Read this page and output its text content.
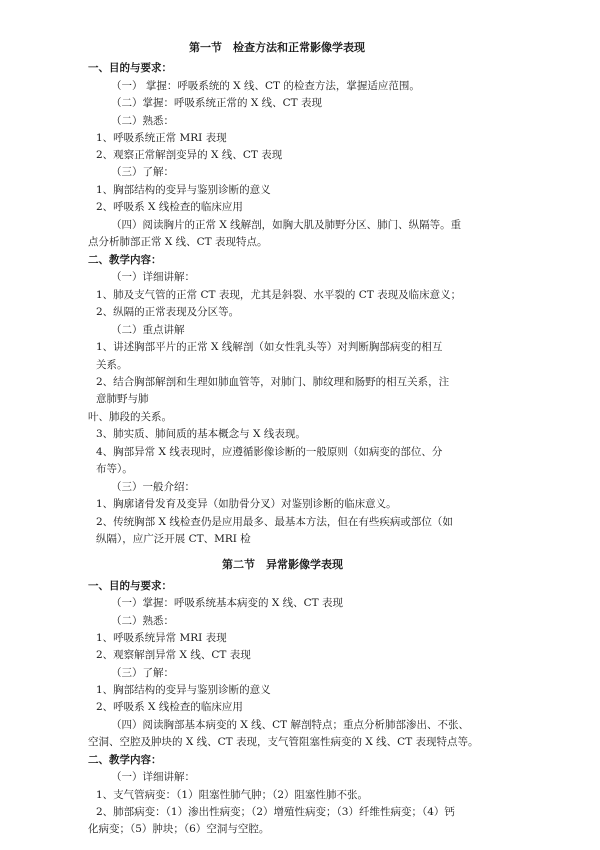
第一节　检查方法和正常影像学表现
一、目的与要求：
（一） 掌握：呼吸系统的 X 线、CT 的检查方法，掌握适应范围。
（二）掌握：呼吸系统正常的 X 线、CT 表现
（二）熟悉：
1、呼吸系统正常 MRI 表现
2、观察正常解剖变异的 X 线、CT 表现
（三）了解：
1、胸部结构的变异与鉴别诊断的意义
2、呼吸系 X 线检查的临床应用
（四）阅读胸片的正常 X 线解剖，如胸大肌及肺野分区、肺门、纵隔等。重
点分析肺部正常 X 线、CT 表现特点。
二、教学内容：
（一）详细讲解：
1、肺及支气管的正常 CT 表现，尤其是斜裂、水平裂的 CT 表现及临床意义；
2、纵隔的正常表现及分区等。
（二）重点讲解
1、讲述胸部平片的正常 X 线解剖（如女性乳头等）对判断胸部病变的相互
关系。
2、结合胸部解剖和生理如肺血管等，对肺门、肺纹理和肠野的相互关系，注
意肺野与肺
叶、肺段的关系。
3、肺实质、肺间质的基本概念与 X 线表现。
4、胸部异常 X 线表现时，应遵循影像诊断的一般原则（如病变的部位、分
布等）。
（三）一般介绍：
1、胸廓诸骨发育及变异（如肋骨分叉）对鉴别诊断的临床意义。
2、传统胸部 X 线检查仍是应用最多、最基本方法，但在有些疾病或部位（如
纵隔），应广泛开展 CT、MRI 检
第二节　异常影像学表现
一、目的与要求：
（一）掌握：呼吸系统基本病变的 X 线、CT 表现
（二）熟悉：
1、呼吸系统异常 MRI 表现
2、观察解剖异常 X 线、CT 表现
（三）了解：
1、胸部结构的变异与鉴别诊断的意义
2、呼吸系 X 线检查的临床应用
（四）阅读胸部基本病变的 X 线、CT 解剖特点；重点分析肺部渗出、不张、
空洞、空腔及肿块的 X 线、CT 表现，支气管阻塞性病变的 X 线、CT 表现特点等。
二、教学内容：
（一）详细讲解：
1、支气管病变：（1）阻塞性肺气肿；（2）阻塞性肺不张。
2、肺部病变：（1）渗出性病变；（2）增殖性病变；（3）纤维性病变；（4）钙
化病变；（5）肿块；（6）空洞与空腔。
